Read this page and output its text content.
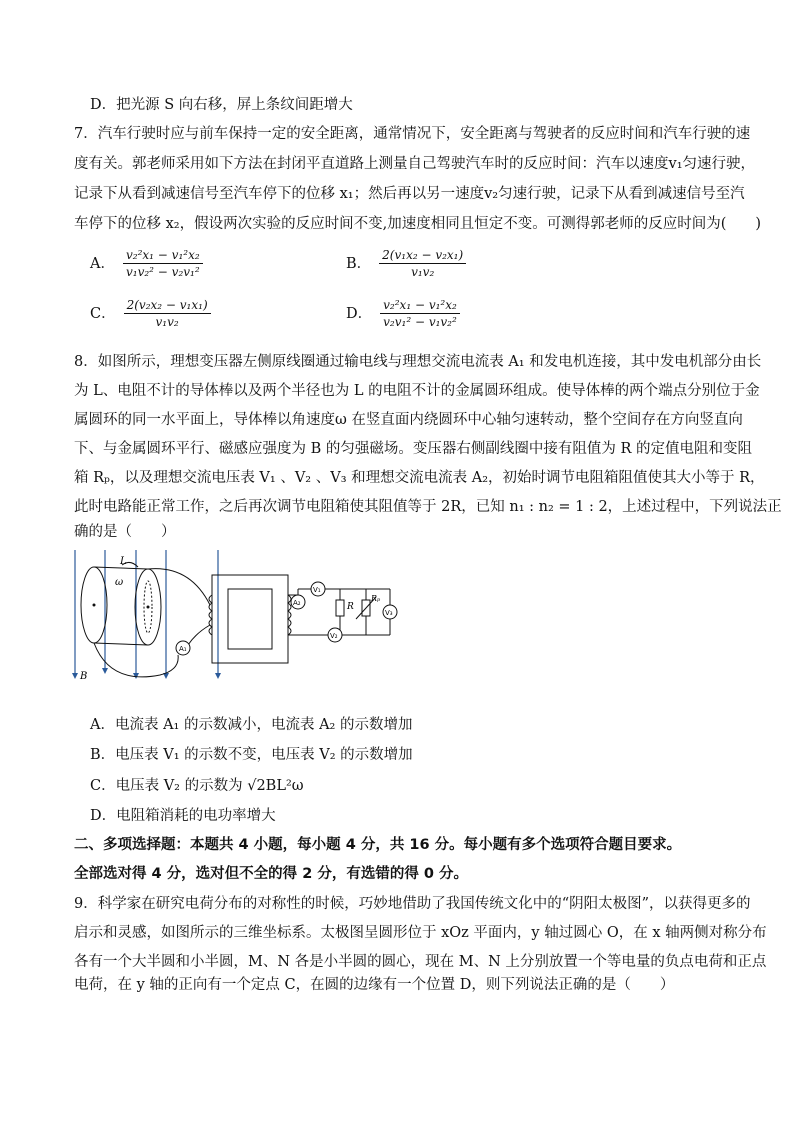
D．把光源 S 向右移，屏上条纹间距增大
7．汽车行驶时应与前车保持一定的安全距离，通常情况下，安全距离与驾驶者的反应时间和汽车行驶的速
度有关。郭老师采用如下方法在封闭平直道路上测量自己驾驶汽车时的反应时间：汽车以速度v₁匀速行驶，
记录下从看到减速信号至汽车停下的位移 x₁；然后再以另一速度v₂匀速行驶，记录下从看到减速信号至汽
车停下的位移 x₂，假设两次实验的反应时间不变,加速度相同且恒定不变。可测得郭老师的反应时间为(　　)
A． $\frac{\text{v₂²x₁ − v₁²x₂}}{\text{v₁v₂² − v₂v₁²}}$	B． $\frac{\text{2(v₁x₂ − v₂x₁)}}{\text{v₁v₂}}$
C． $\frac{\text{2(v₂x₂ − v₁x₁)}}{\text{v₁v₂}}$	D． $\frac{\text{v₂²x₁ − v₁²x₂}}{\text{v₂v₁² − v₁v₂²}}$
8．如图所示，理想变压器左侧原线圈通过输电线与理想交流电流表 A₁ 和发电机连接，其中发电机部分由长
为 L、电阻不计的导体棒以及两个半径也为 L 的电阻不计的金属圆环组成。使导体棒的两个端点分别位于金
属圆环的同一水平面上，导体棒以角速度ω 在竖直面内绕圆环中心轴匀速转动，整个空间存在方向竖直向
下、与金属圆环平行、磁感应强度为 B 的匀强磁场。变压器右侧副线圈中接有阻值为 R 的定值电阻和变阻
箱 Rₚ，以及理想交流电压表 V₁ 、V₂ 、V₃ 和理想交流电流表 A₂，初始时调节电阻箱阻值使其大小等于 R，
此时电路能正常工作，之后再次调节电阻箱使其阻值等于 2R，已知 n₁ : n₂ = 1 : 2，上述过程中，下列说法正
确的是（　　）
B
L
ω
A₁
A₂
V₁
R
Rₚ
V₂
V₃
A．电流表 A₁ 的示数减小，电流表 A₂ 的示数增加
B．电压表 V₁ 的示数不变，电压表 V₂ 的示数增加
C．电压表 V₂ 的示数为 √2BL²ω
D．电阻箱消耗的电功率增大
二、多项选择题：本题共 4 小题，每小题 4 分，共 16 分。每小题有多个选项符合题目要求。
全部选对得 4 分，选对但不全的得 2 分，有选错的得 0 分。
9．科学家在研究电荷分布的对称性的时候，巧妙地借助了我国传统文化中的“阴阳太极图”，以获得更多的
启示和灵感，如图所示的三维坐标系。太极图呈圆形位于 xOz 平面内，y 轴过圆心 O，在 x 轴两侧对称分布
各有一个大半圆和小半圆，M、N 各是小半圆的圆心，现在 M、N 上分别放置一个等电量的负点电荷和正点
电荷，在 y 轴的正向有一个定点 C，在圆的边缘有一个位置 D，则下列说法正确的是（　　）
